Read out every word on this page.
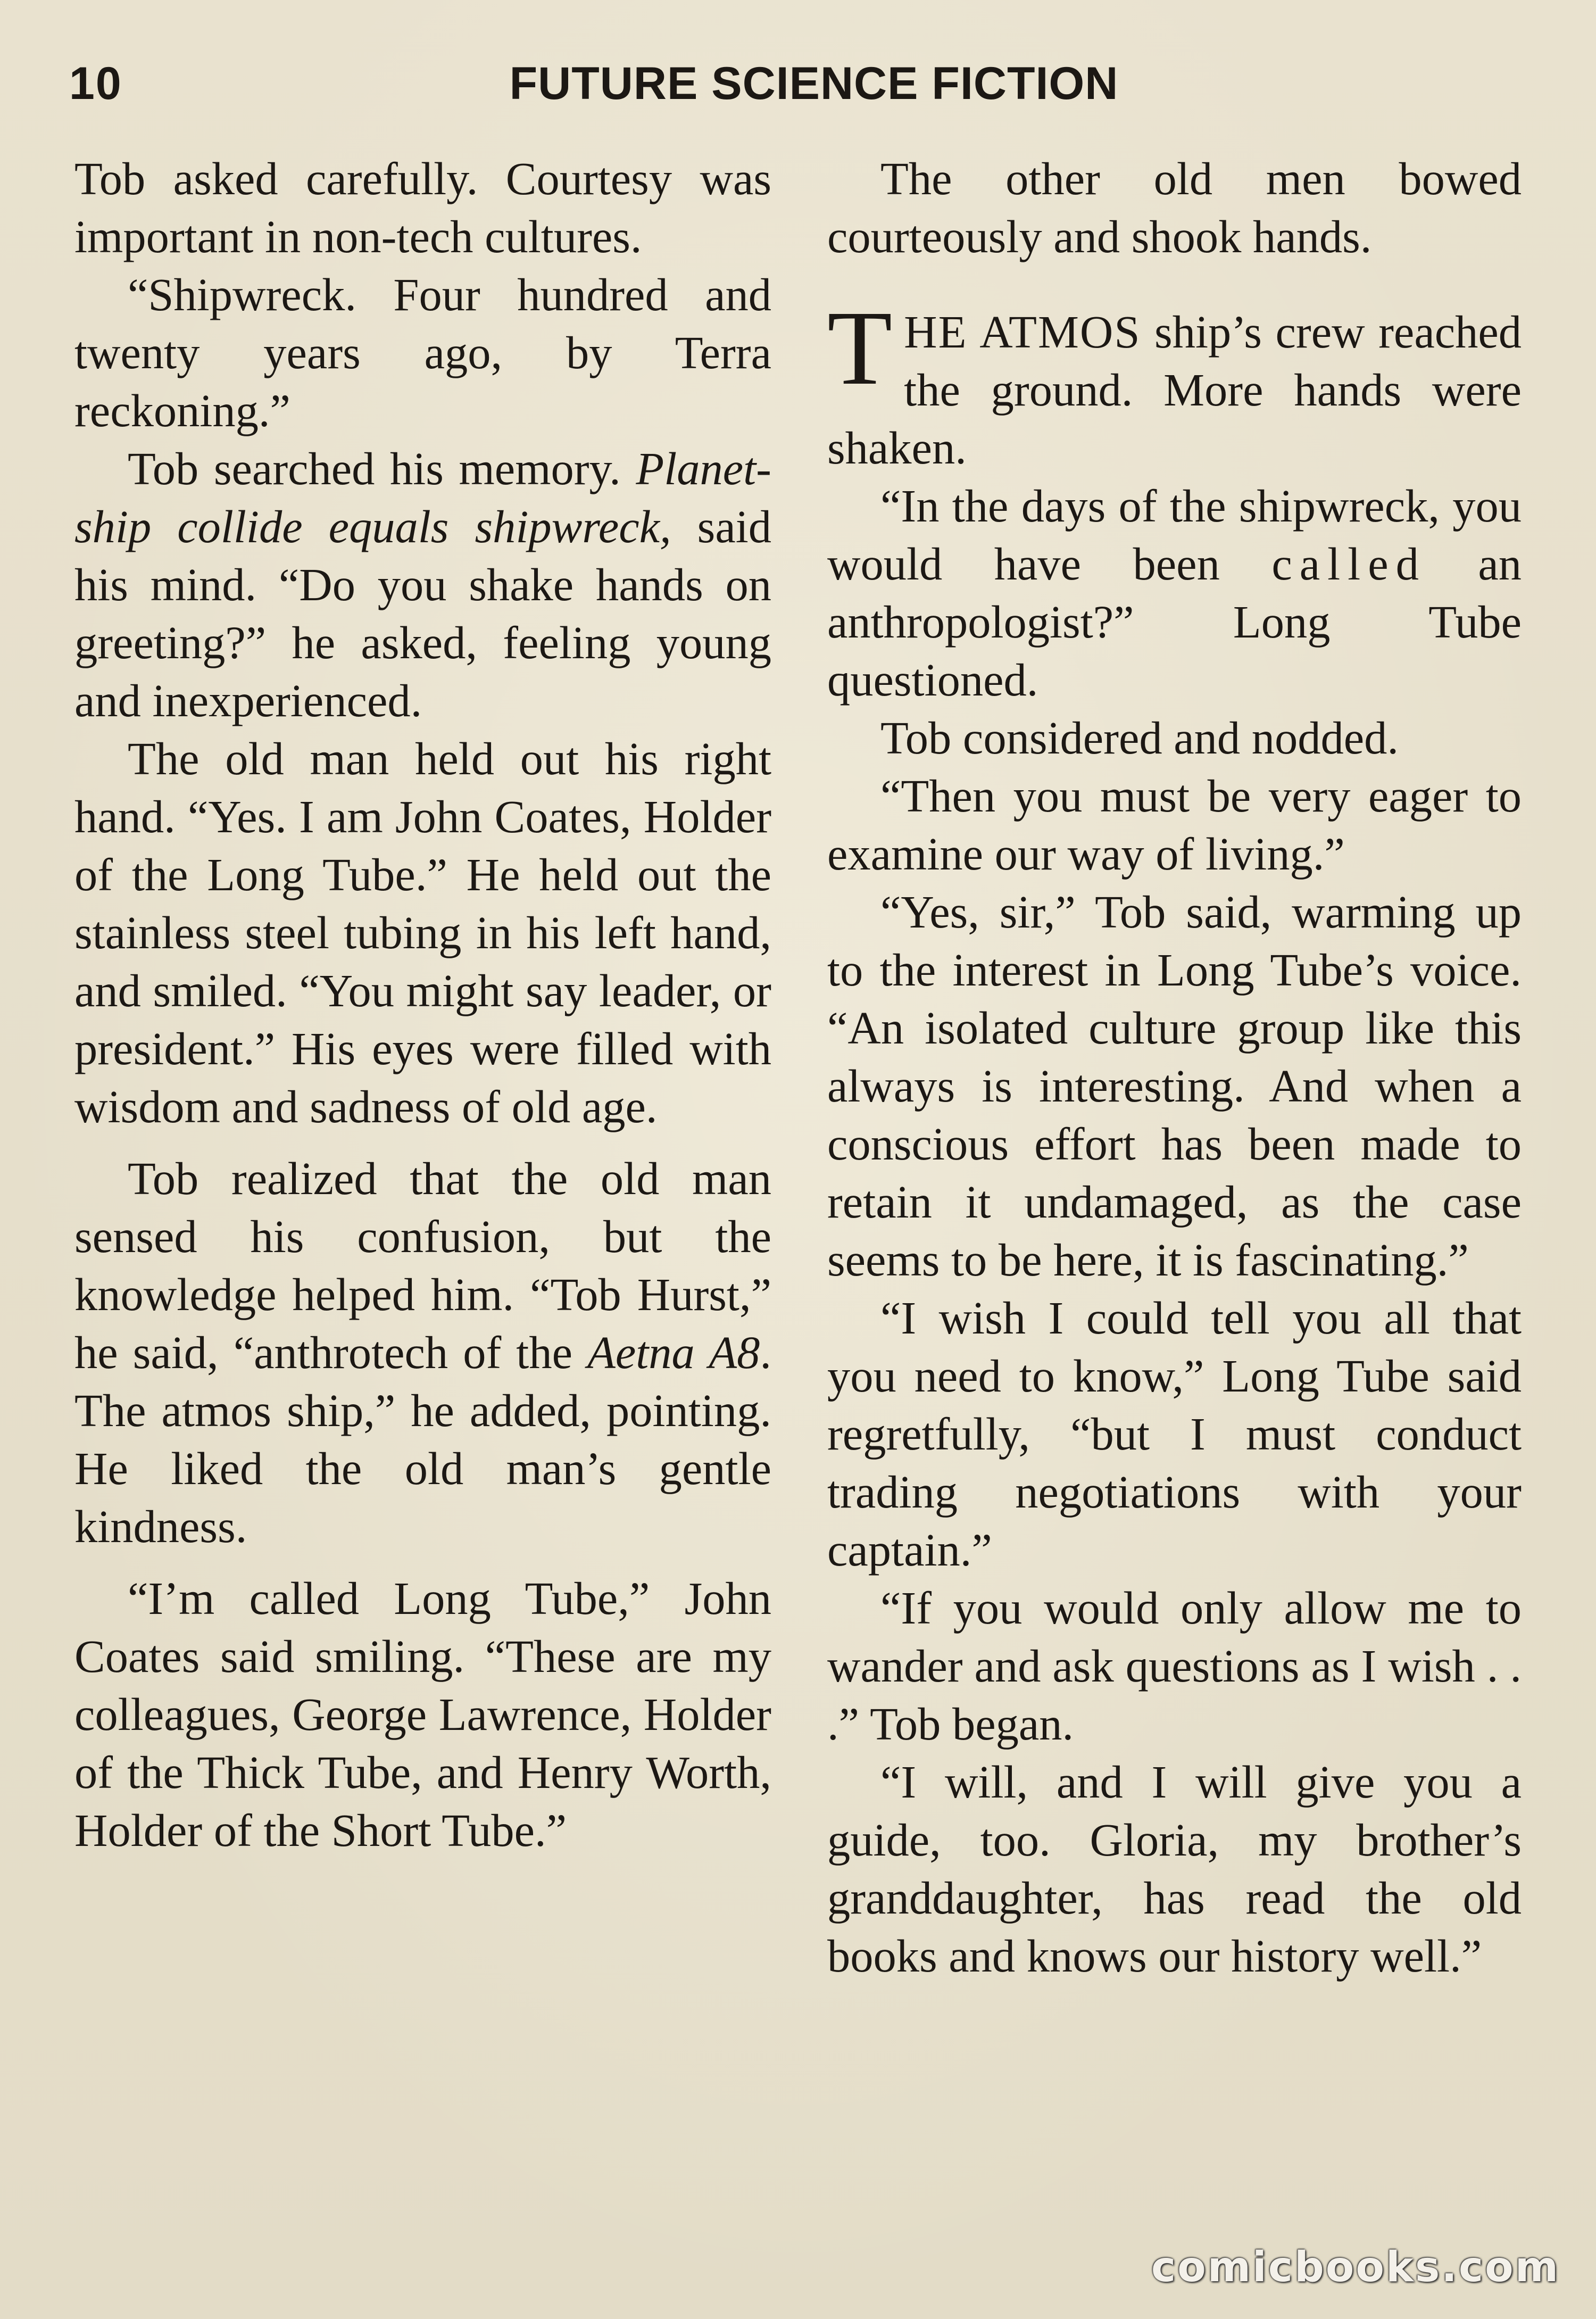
10	FUTURE SCIENCE FICTION

Tob asked carefully. Courtesy was important in non-tech cultures.

“Shipwreck. Four hundred and twenty years ago, by Terra reckoning.”

Tob searched his memory. Planet-ship collide equals shipwreck, said his mind. “Do you shake hands on greeting?” he asked, feeling young and inexperienced.

The old man held out his right hand. “Yes. I am John Coates, Holder of the Long Tube.” He held out the stainless steel tubing in his left hand, and smiled. “You might say leader, or president.” His eyes were filled with wisdom and sadness of old age.

Tob realized that the old man sensed his confusion, but the knowledge helped him. “Tob Hurst,” he said, “anthrotech of the Aetna A8. The atmos ship,” he added, pointing. He liked the old man’s gentle kindness.

“I’m called Long Tube,” John Coates said smiling. “These are my colleagues, George Lawrence, Holder of the Thick Tube, and Henry Worth, Holder of the Short Tube.”

The other old men bowed courteously and shook hands.

THE ATMOS ship’s crew reached the ground. More hands were shaken.

“In the days of the shipwreck, you would have been called an anthropologist?” Long Tube questioned.

Tob considered and nodded.

“Then you must be very eager to examine our way of living.”

“Yes, sir,” Tob said, warming up to the interest in Long Tube’s voice. “An isolated culture group like this always is interesting. And when a conscious effort has been made to retain it undamaged, as the case seems to be here, it is fascinating.”

“I wish I could tell you all that you need to know,” Long Tube said regretfully, “but I must conduct trading negotiations with your captain.”

“If you would only allow me to wander and ask questions as I wish . . .” Tob began.

“I will, and I will give you a guide, too. Gloria, my brother’s granddaughter, has read the old books and knows our history well.”

comicbooks.com
